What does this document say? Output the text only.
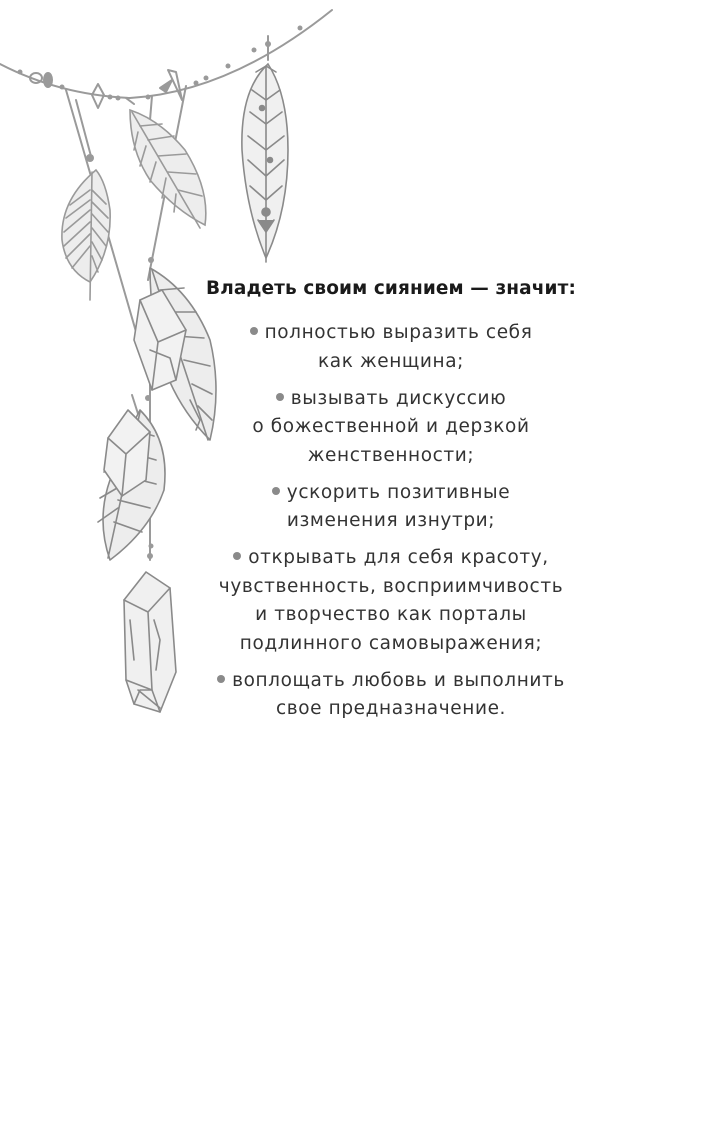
Владеть своим сиянием — значит:
полностью выразить себя
как женщина;
вызывать дискуссию
о божественной и дерзкой
женственности;
ускорить позитивные
изменения изнутри;
открывать для себя красоту,
чувственность, восприимчивость
и творчество как порталы
подлинного самовыражения;
воплощать любовь и выполнить
свое предназначение.
